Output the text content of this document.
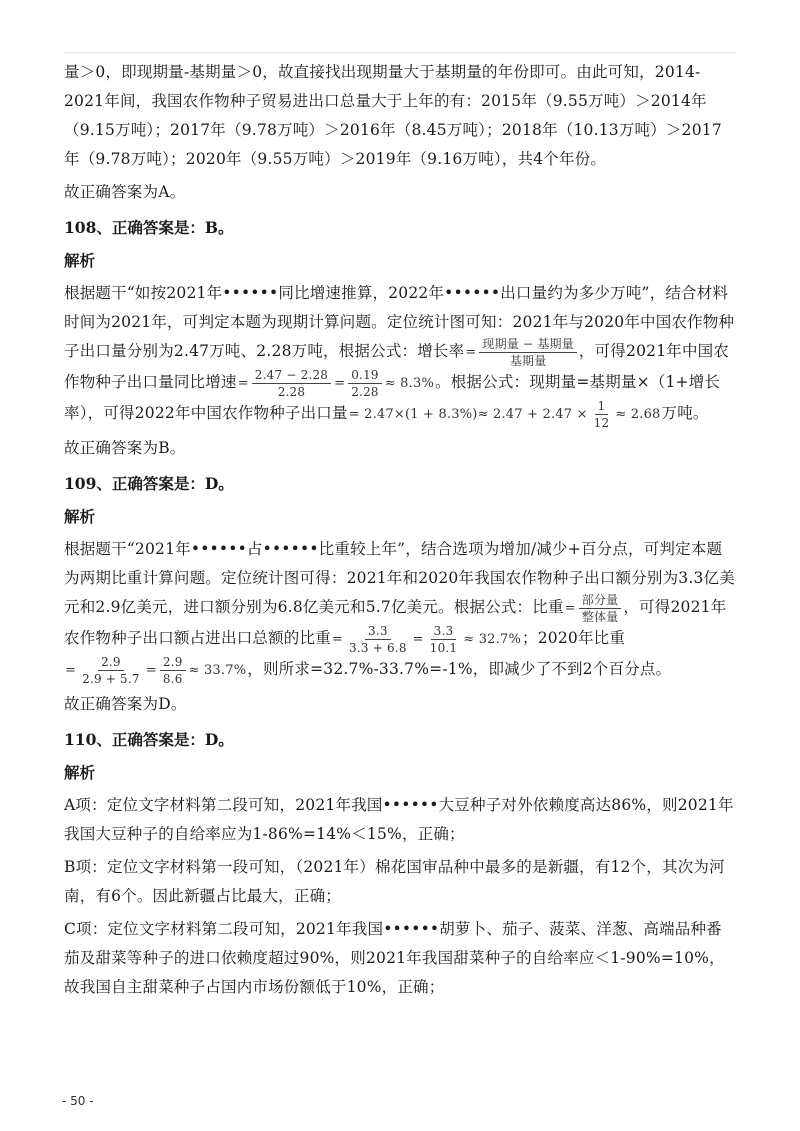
量＞0，即现期量-基期量＞0，故直接找出现期量大于基期量的年份即可。由此可知，2014-2021年间，我国农作物种子贸易进出口总量大于上年的有：2015年（9.55万吨）＞2014年（9.15万吨）；2017年（9.78万吨）＞2016年（8.45万吨）；2018年（10.13万吨）＞2017年（9.78万吨）；2020年（9.55万吨）＞2019年（9.16万吨），共4个年份。

故正确答案为A。

108、正确答案是：B。
解析

根据题干“如按2021年••••••同比增速推算，2022年••••••出口量约为多少万吨”，结合材料时间为2021年，可判定本题为现期计算问题。定位统计图可知：2021年与2020年中国农作物种子出口量分别为2.47万吨、2.28万吨，根据公式：增长率= $\frac{\text{现期量 − 基期量}}{\text{基期量}}$ ，可得2021年中国农作物种子出口量同比增速= $\frac{2.47 - 2.28}{2.28} = \frac{0.19}{2.28} \approx 8.3\%$。根据公式：现期量=基期量×（1+增长率），可得2022年中国农作物种子出口量= $2.47\times(1 + 8.3\%)\approx 2.47 + 2.47 \times \frac{1}{12} \approx 2.68$万吨。

故正确答案为B。

109、正确答案是：D。
解析

根据题干“2021年••••••占••••••比重较上年”，结合选项为增加/减少+百分点，可判定本题为两期比重计算问题。定位统计图可得：2021年和2020年我国农作物种子出口额分别为3.3亿美元和2.9亿美元，进口额分别为6.8亿美元和5.7亿美元。根据公式：比重= $\frac{\text{部分量}}{\text{整体量}}$ ，可得2021年农作物种子出口额占进出口总额的比重= $\frac{3.3}{3.3 + 6.8} = \frac{3.3}{10.1} \approx 32.7\%$；2020年比重= $\frac{2.9}{2.9 + 5.7} = \frac{2.9}{8.6} \approx 33.7\%$，则所求=32.7%-33.7%=-1%，即减少了不到2个百分点。

故正确答案为D。

110、正确答案是：D。
解析

A项：定位文字材料第二段可知，2021年我国••••••大豆种子对外依赖度高达86%，则2021年我国大豆种子的自给率应为1-86%=14%＜15%，正确；

B项：定位文字材料第一段可知，（2021年）棉花国审品种中最多的是新疆，有12个，其次为河南，有6个。因此新疆占比最大，正确；

C项：定位文字材料第二段可知，2021年我国••••••胡萝卜、茄子、菠菜、洋葱、高端品种番茄及甜菜等种子的进口依赖度超过90%，则2021年我国甜菜种子的自给率应＜1-90%=10%，故我国自主甜菜种子占国内市场份额低于10%，正确；

- 50 -
